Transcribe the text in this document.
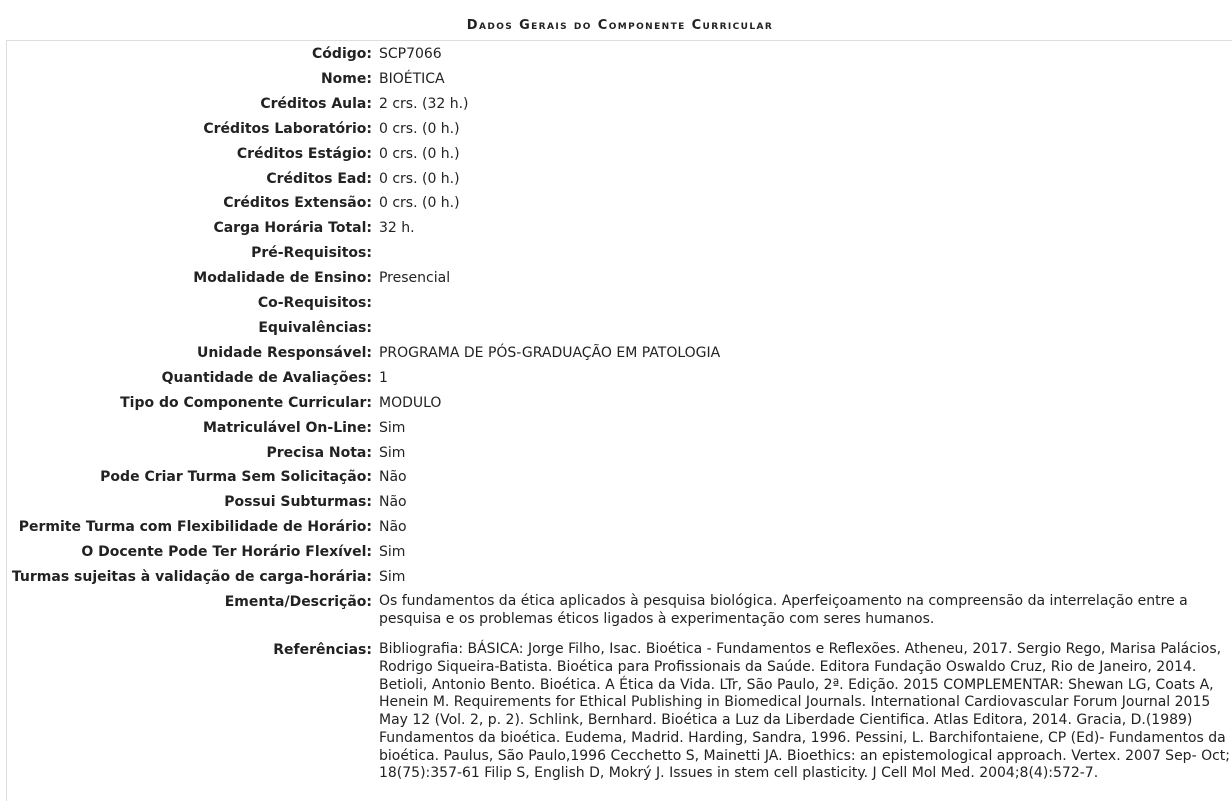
Dados Gerais do Componente Curricular
Código:	SCP7066
Nome:	BIOÉTICA
Créditos Aula:	2 crs. (32 h.)
Créditos Laboratório:	0 crs. (0 h.)
Créditos Estágio:	0 crs. (0 h.)
Créditos Ead:	0 crs. (0 h.)
Créditos Extensão:	0 crs. (0 h.)
Carga Horária Total:	32 h.
Pré-Requisitos:	
Modalidade de Ensino:	Presencial
Co-Requisitos:	
Equivalências:	
Unidade Responsável:	PROGRAMA DE PÓS-GRADUAÇÃO EM PATOLOGIA
Quantidade de Avaliações:	1
Tipo do Componente Curricular:	MODULO
Matriculável On-Line:	Sim
Precisa Nota:	Sim
Pode Criar Turma Sem Solicitação:	Não
Possui Subturmas:	Não
Permite Turma com Flexibilidade de Horário:	Não
O Docente Pode Ter Horário Flexível:	Sim
Turmas sujeitas à validação de carga-horária:	Sim
Ementa/Descrição:	Os fundamentos da ética aplicados à pesquisa biológica. Aperfeiçoamento na compreensão da interrelação entre a pesquisa e os problemas éticos ligados à experimentação com seres humanos.
Referências:	Bibliografia: BÁSICA: Jorge Filho, Isac. Bioética - Fundamentos e Reflexões. Atheneu, 2017. Sergio Rego, Marisa Palácios, Rodrigo Siqueira-Batista. Bioética para Profissionais da Saúde. Editora Fundação Oswaldo Cruz, Rio de Janeiro, 2014. Betioli, Antonio Bento. Bioética. A Ética da Vida. LTr, São Paulo, 2ª. Edição. 2015 COMPLEMENTAR: Shewan LG, Coats A, Henein M. Requirements for Ethical Publishing in Biomedical Journals. International Cardiovascular Forum Journal 2015 May 12 (Vol. 2, p. 2). Schlink, Bernhard. Bioética a Luz da Liberdade Cientifica. Atlas Editora, 2014. Gracia, D.(1989) Fundamentos da bioética. Eudema, Madrid. Harding, Sandra, 1996. Pessini, L. Barchifontaiene, CP (Ed)- Fundamentos da bioética. Paulus, São Paulo,1996 Cecchetto S, Mainetti JA. Bioethics: an epistemological approach. Vertex. 2007 Sep- Oct; 18(75):357-61 Filip S, English D, Mokrý J. Issues in stem cell plasticity. J Cell Mol Med. 2004;8(4):572-7.
